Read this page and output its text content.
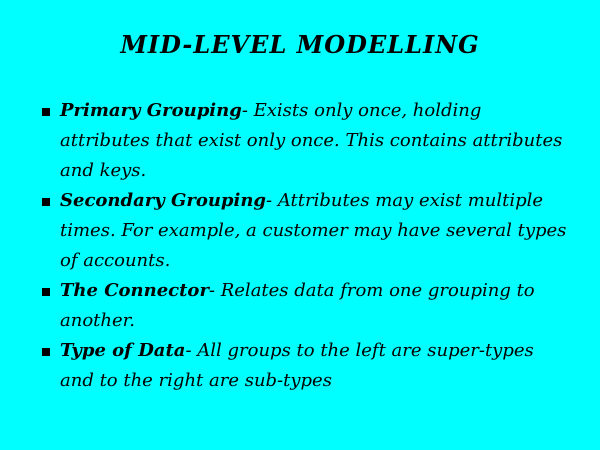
MID-LEVEL MODELLING
Primary Grouping- Exists only once, holding attributes that exist only once. This contains attributes and keys.
Secondary Grouping- Attributes may exist multiple times. For example, a customer may have several types of accounts.
The Connector- Relates data from one grouping to another.
Type of Data- All groups to the left are super-types and to the right are sub-types
